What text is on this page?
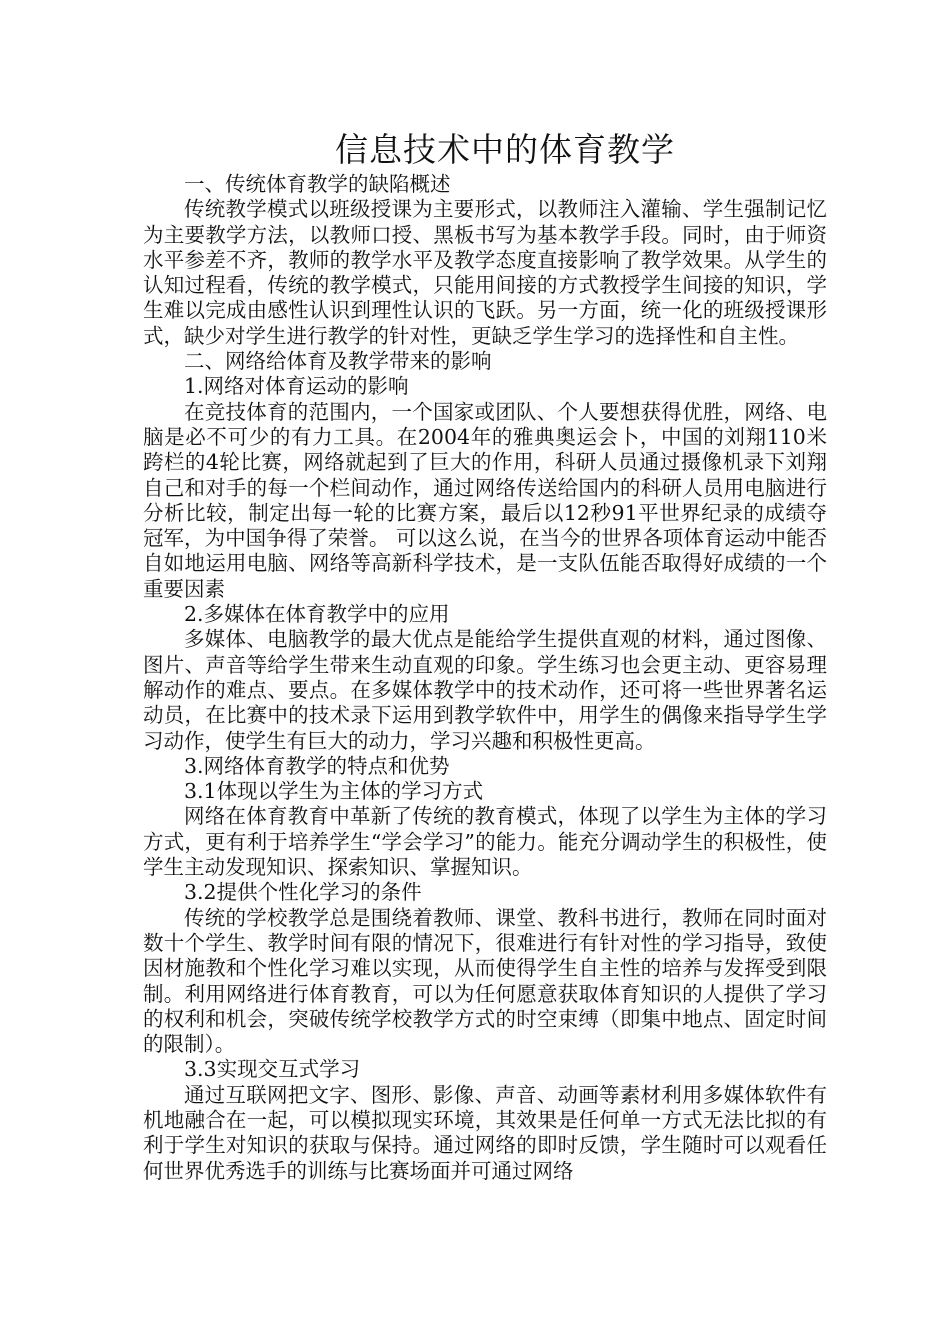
信息技术中的体育教学

一、传统体育教学的缺陷概述

传统教学模式以班级授课为主要形式，以教师注入灌输、学生强制记忆为主要教学方法，以教师口授、黑板书写为基本教学手段。同时，由于师资水平参差不齐，教师的教学水平及教学态度直接影响了教学效果。从学生的认知过程看，传统的教学模式，只能用间接的方式教授学生间接的知识，学生难以完成由感性认识到理性认识的飞跃。另一方面，统一化的班级授课形式，缺少对学生进行教学的针对性，更缺乏学生学习的选择性和自主性。

二、网络给体育及教学带来的影响

1.网络对体育运动的影响

在竞技体育的范围内，一个国家或团队、个人要想获得优胜，网络、电脑是必不可少的有力工具。在2004年的雅典奥运会卜，中国的刘翔110米跨栏的4轮比赛，网络就起到了巨大的作用，科研人员通过摄像机录下刘翔自己和对手的每一个栏间动作，通过网络传送给国内的科研人员用电脑进行分析比较，制定出每一轮的比赛方案，最后以12秒91平世界纪录的成绩夺冠军，为中国争得了荣誉。 可以这么说，在当今的世界各项体育运动中能否自如地运用电脑、网络等高新科学技术，是一支队伍能否取得好成绩的一个重要因素

2.多媒体在体育教学中的应用

多媒体、电脑教学的最大优点是能给学生提供直观的材料，通过图像、图片、声音等给学生带来生动直观的印象。学生练习也会更主动、更容易理解动作的难点、要点。在多媒体教学中的技术动作，还可将一些世界著名运动员，在比赛中的技术录下运用到教学软件中，用学生的偶像来指导学生学习动作，使学生有巨大的动力，学习兴趣和积极性更高。

3.网络体育教学的特点和优势

3.1体现以学生为主体的学习方式

网络在体育教育中革新了传统的教育模式，体现了以学生为主体的学习方式，更有利于培养学生“学会学习”的能力。能充分调动学生的积极性，使学生主动发现知识、探索知识、掌握知识。

3.2提供个性化学习的条件

传统的学校教学总是围绕着教师、课堂、教科书进行，教师在同时面对数十个学生、教学时间有限的情况下，很难进行有针对性的学习指导，致使因材施教和个性化学习难以实现，从而使得学生自主性的培养与发挥受到限制。利用网络进行体育教育，可以为任何愿意获取体育知识的人提供了学习的权利和机会，突破传统学校教学方式的时空束缚（即集中地点、固定时间的限制）。

3.3实现交互式学习

通过互联网把文字、图形、影像、声音、动画等素材利用多媒体软件有机地融合在一起，可以模拟现实环境，其效果是任何单一方式无法比拟的有利于学生对知识的获取与保持。通过网络的即时反馈，学生随时可以观看任何世界优秀选手的训练与比赛场面并可通过网络
